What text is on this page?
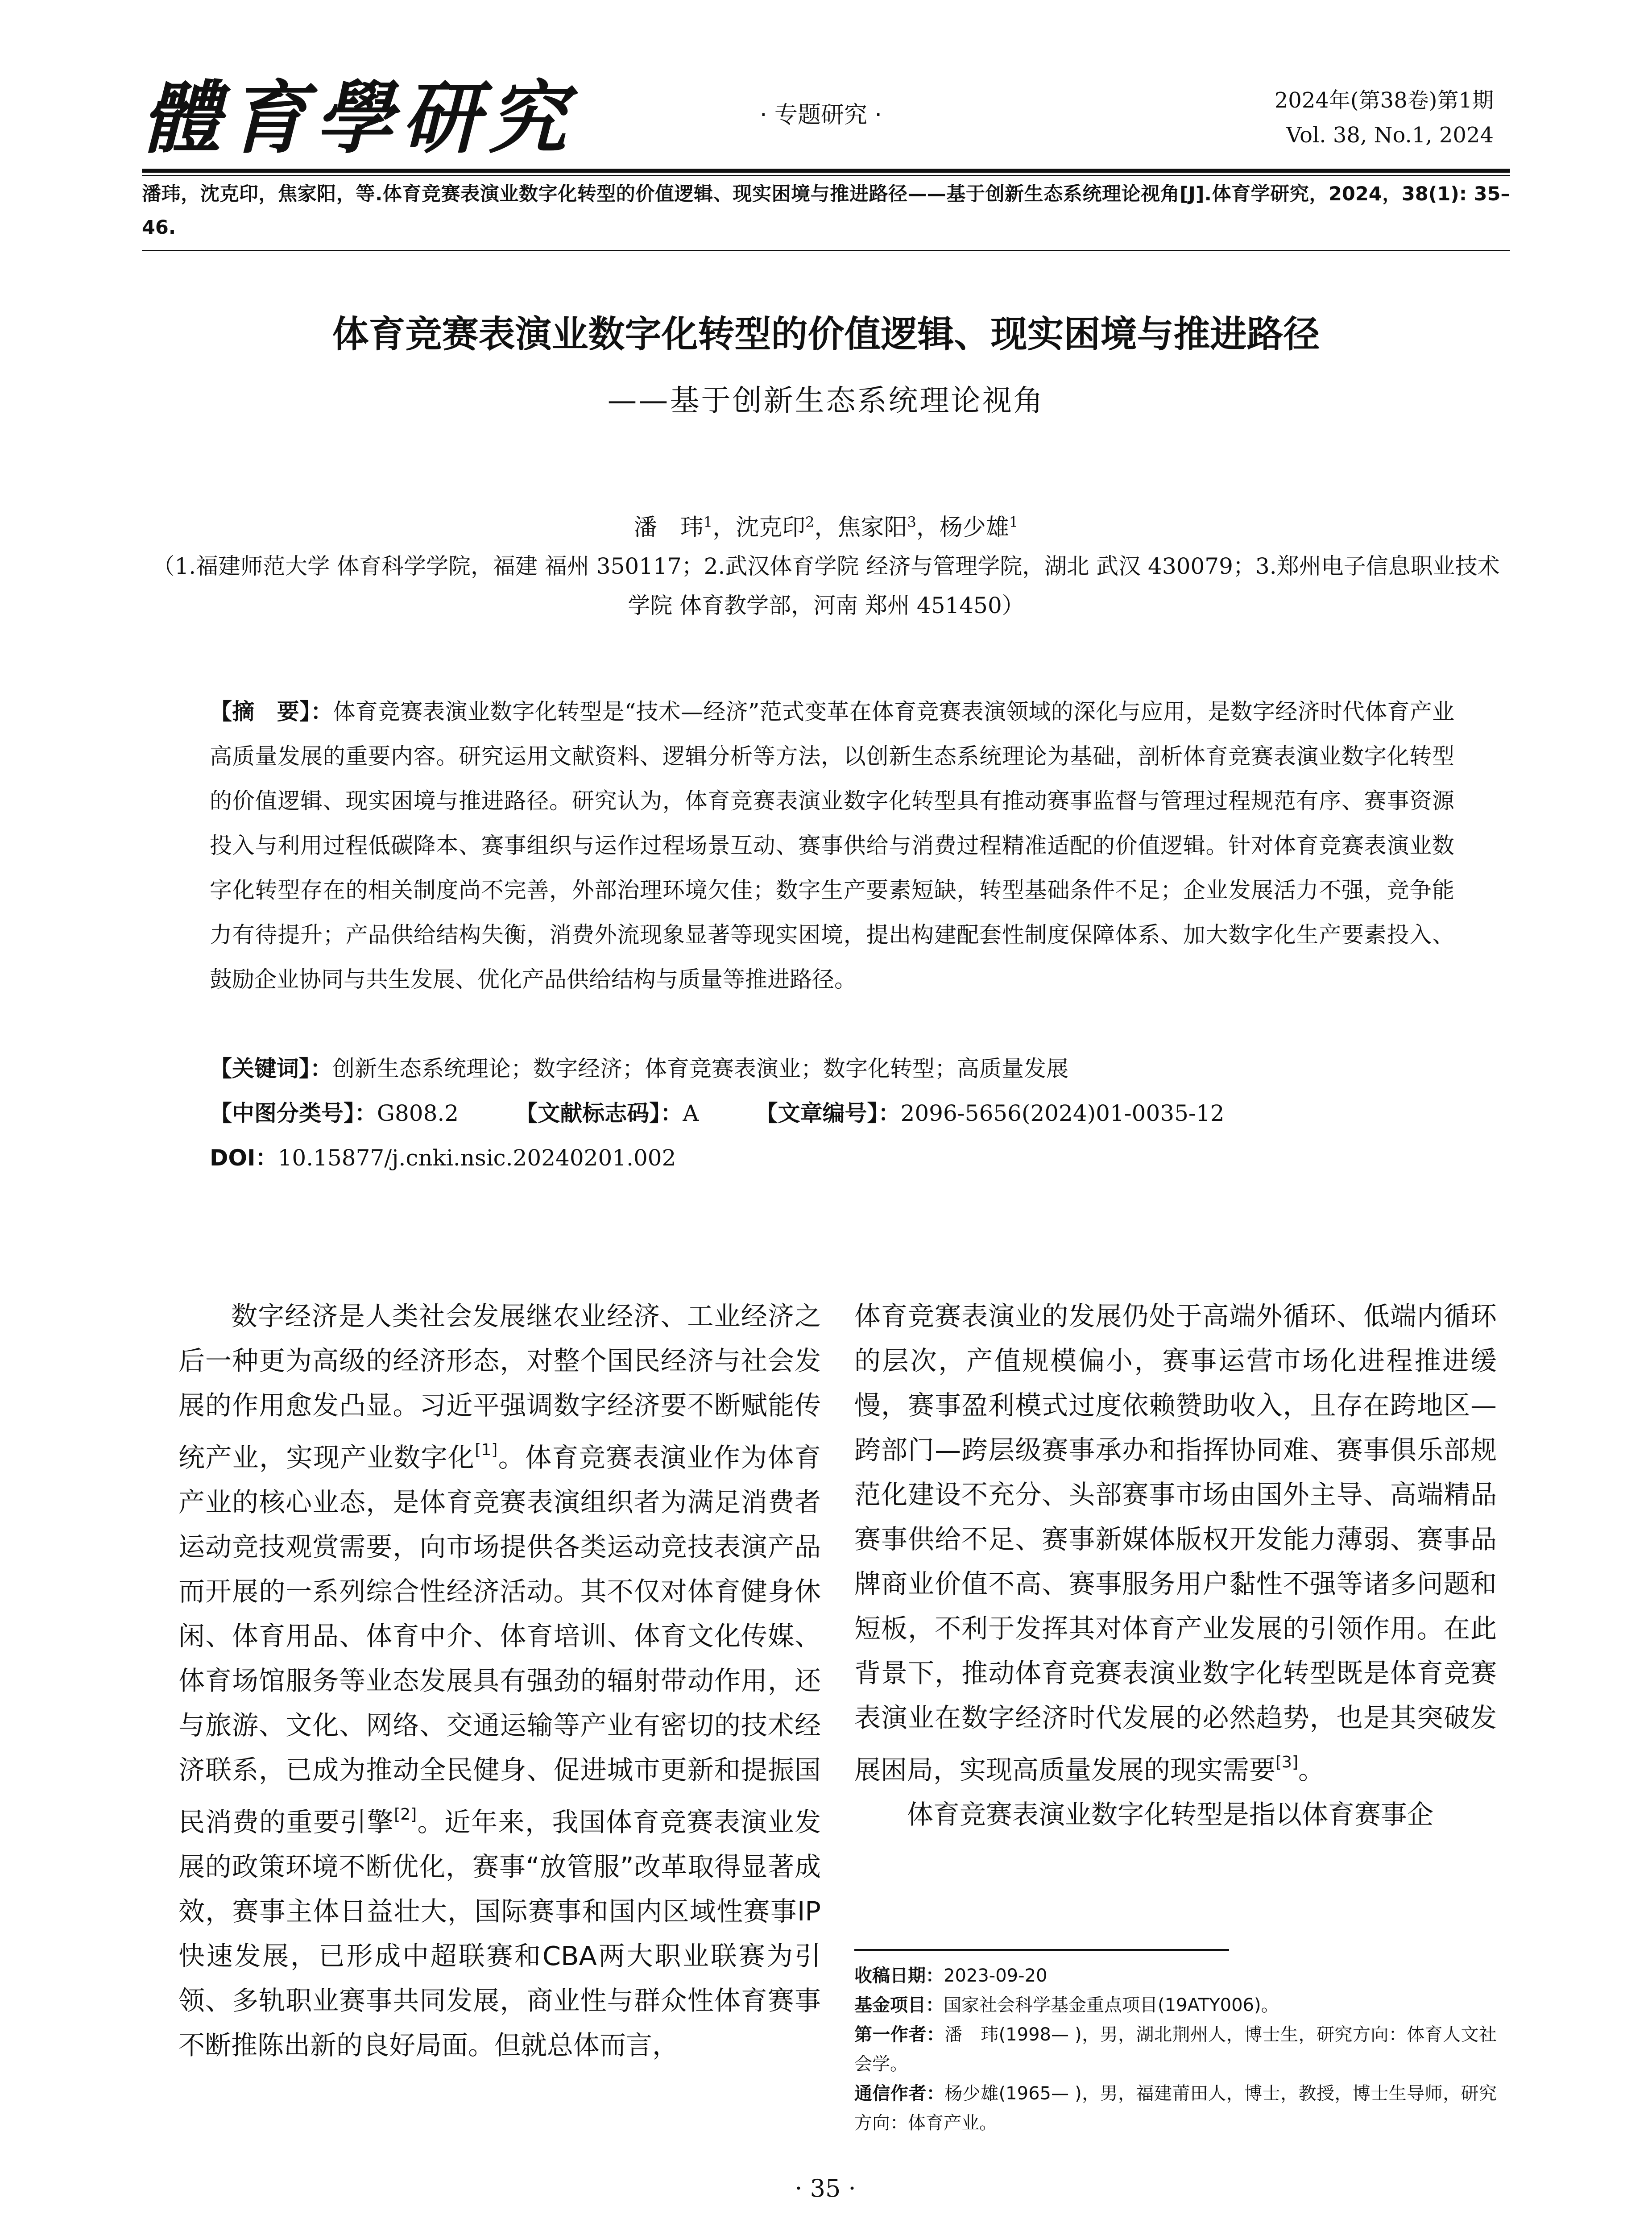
體育學研究	· 专题研究 ·
2024年(第38卷)第1期
Vol. 38, No.1, 2024
潘玮，沈克印，焦家阳，等.体育竞赛表演业数字化转型的价值逻辑、现实困境与推进路径——基于创新生态系统理论视角[J].体育学研究，2024，38(1): 35–46.
体育竞赛表演业数字化转型的价值逻辑、现实困境与推进路径
——基于创新生态系统理论视角
潘　玮$^1$，沈克印$^2$，焦家阳$^3$，杨少雄$^1$
（1.福建师范大学 体育科学学院，福建 福州 350117；2.武汉体育学院 经济与管理学院，湖北 武汉 430079；3.郑州电子信息职业技术学院 体育教学部，河南 郑州 451450）
【摘　要】：体育竞赛表演业数字化转型是“技术—经济”范式变革在体育竞赛表演领域的深化与应用，是数字经济时代体育产业高质量发展的重要内容。研究运用文献资料、逻辑分析等方法，以创新生态系统理论为基础，剖析体育竞赛表演业数字化转型的价值逻辑、现实困境与推进路径。研究认为，体育竞赛表演业数字化转型具有推动赛事监督与管理过程规范有序、赛事资源投入与利用过程低碳降本、赛事组织与运作过程场景互动、赛事供给与消费过程精准适配的价值逻辑。针对体育竞赛表演业数字化转型存在的相关制度尚不完善，外部治理环境欠佳；数字生产要素短缺，转型基础条件不足；企业发展活力不强，竞争能力有待提升；产品供给结构失衡，消费外流现象显著等现实困境，提出构建配套性制度保障体系、加大数字化生产要素投入、鼓励企业协同与共生发展、优化产品供给结构与质量等推进路径。
【关键词】：创新生态系统理论；数字经济；体育竞赛表演业；数字化转型；高质量发展
【中图分类号】：G808.2	【文献标志码】：A	【文章编号】：2096-5656(2024)01-0035-12
DOI：10.15877/j.cnki.nsic.20240201.002

数字经济是人类社会发展继农业经济、工业经济之后一种更为高级的经济形态，对整个国民经济与社会发展的作用愈发凸显。习近平强调数字经济要不断赋能传统产业，实现产业数字化[1]。体育竞赛表演业作为体育产业的核心业态，是体育竞赛表演组织者为满足消费者运动竞技观赏需要，向市场提供各类运动竞技表演产品而开展的一系列综合性经济活动。其不仅对体育健身休闲、体育用品、体育中介、体育培训、体育文化传媒、体育场馆服务等业态发展具有强劲的辐射带动作用，还与旅游、文化、网络、交通运输等产业有密切的技术经济联系，已成为推动全民健身、促进城市更新和提振国民消费的重要引擎[2]。近年来，我国体育竞赛表演业发展的政策环境不断优化，赛事“放管服”改革取得显著成效，赛事主体日益壮大，国际赛事和国内区域性赛事IP快速发展，已形成中超联赛和CBA两大职业联赛为引领、多轨职业赛事共同发展，商业性与群众性体育赛事不断推陈出新的良好局面。但就总体而言，

体育竞赛表演业的发展仍处于高端外循环、低端内循环的层次，产值规模偏小，赛事运营市场化进程推进缓慢，赛事盈利模式过度依赖赞助收入，且存在跨地区—跨部门—跨层级赛事承办和指挥协同难、赛事俱乐部规范化建设不充分、头部赛事市场由国外主导、高端精品赛事供给不足、赛事新媒体版权开发能力薄弱、赛事品牌商业价值不高、赛事服务用户黏性不强等诸多问题和短板，不利于发挥其对体育产业发展的引领作用。在此背景下，推动体育竞赛表演业数字化转型既是体育竞赛表演业在数字经济时代发展的必然趋势，也是其突破发展困局，实现高质量发展的现实需要[3]。

体育竞赛表演业数字化转型是指以体育赛事企

收稿日期：2023-09-20

基金项目：国家社会科学基金重点项目(19ATY006)。

第一作者：潘　玮(1998— )，男，湖北荆州人，博士生，研究方向：体育人文社会学。

通信作者：杨少雄(1965— )，男，福建莆田人，博士，教授，博士生导师，研究方向：体育产业。

· 35 ·
